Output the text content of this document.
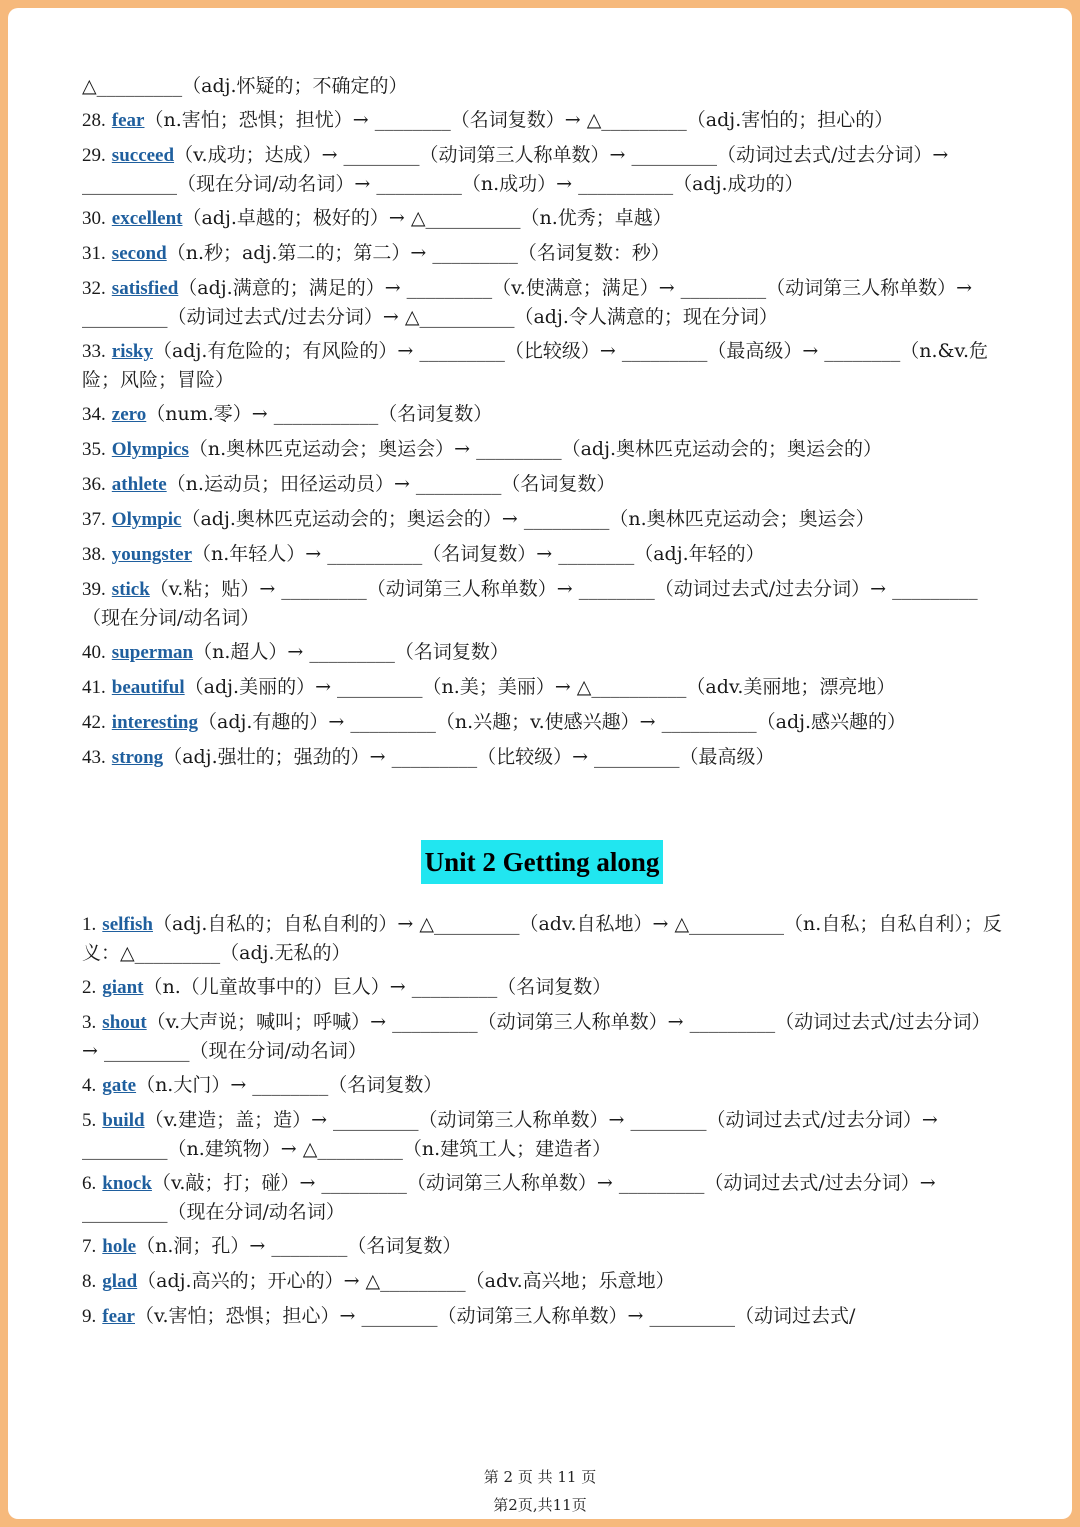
△_________（adj.怀疑的；不确定的）
28. fear（n.害怕；恐惧；担忧）→ ________（名词复数）→ △_________（adj.害怕的；担心的）
29. succeed（v.成功；达成）→ ________（动词第三人称单数）→ _________（动词过去式/过去分词）→ __________（现在分词/动名词）→ _________（n.成功）→ __________（adj.成功的）
30. excellent（adj.卓越的；极好的）→ △__________（n.优秀；卓越）
31. second（n.秒；adj.第二的；第二）→ _________（名词复数：秒）
32. satisfied（adj.满意的；满足的）→ _________（v.使满意；满足）→ _________（动词第三人称单数）→ _________（动词过去式/过去分词）→ △__________（adj.令人满意的；现在分词）
33. risky（adj.有危险的；有风险的）→ _________（比较级）→ _________（最高级）→ ________（n.&v.危险；风险；冒险）
34. zero（num.零）→ ___________（名词复数）
35. Olympics（n.奥林匹克运动会；奥运会）→ _________（adj.奥林匹克运动会的；奥运会的）
36. athlete（n.运动员；田径运动员）→ _________（名词复数）
37. Olympic（adj.奥林匹克运动会的；奥运会的）→ _________（n.奥林匹克运动会；奥运会）
38. youngster（n.年轻人）→ __________（名词复数）→ ________（adj.年轻的）
39. stick（v.粘；贴）→ _________（动词第三人称单数）→ ________（动词过去式/过去分词）→ _________（现在分词/动名词）
40. superman（n.超人）→ _________（名词复数）
41. beautiful（adj.美丽的）→ _________（n.美；美丽）→ △__________（adv.美丽地；漂亮地）
42. interesting（adj.有趣的）→ _________（n.兴趣；v.使感兴趣）→ __________（adj.感兴趣的）
43. strong（adj.强壮的；强劲的）→ _________（比较级）→ _________（最高级）
Unit 2 Getting along
1. selfish（adj.自私的；自私自利的）→ △_________（adv.自私地）→ △__________（n.自私；自私自利）；反义：△_________（adj.无私的）
2. giant（n.（儿童故事中的）巨人）→ _________（名词复数）
3. shout（v.大声说；喊叫；呼喊）→ _________（动词第三人称单数）→ _________（动词过去式/过去分词）→ _________（现在分词/动名词）
4. gate（n.大门）→ ________（名词复数）
5. build（v.建造；盖；造）→ _________（动词第三人称单数）→ ________（动词过去式/过去分词）→ _________（n.建筑物）→ △_________（n.建筑工人；建造者）
6. knock（v.敲；打；碰）→ _________（动词第三人称单数）→ _________（动词过去式/过去分词）→ _________（现在分词/动名词）
7. hole（n.洞；孔）→ ________（名词复数）
8. glad（adj.高兴的；开心的）→ △_________（adv.高兴地；乐意地）
9. fear（v.害怕；恐惧；担心）→ ________（动词第三人称单数）→ _________（动词过去式/
第 2 页 共 11 页
第2页,共11页
